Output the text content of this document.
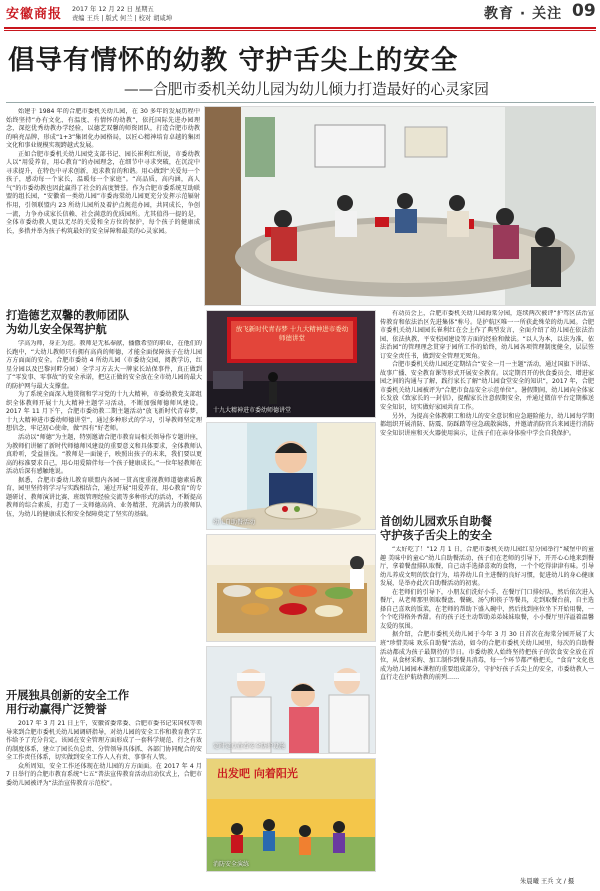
安徽商报	2017 年 12 月 22 日 星期五
责编 王兵 | 版式 何兰 | 校对 胡咸坤	教育 · 关注 09
倡导有情怀的幼教 守护舌尖上的安全
——合肥市委机关幼儿园为幼儿倾力打造最好的心灵家园

始建于 1984 年的合肥市委机关幼儿园，在 30 多年的发展历程中始终坚持“办有文化、有温度、有情怀的幼教”，依托国际先进办园理念，深挖优秀幼教办学经验，以德艺双馨的师资团队，打造合肥市幼教的响亮品牌，形成“1+3”集团化办园格局，以匠心精神培育卓越的集团文化和事业规模实现跨越式发展。

正如合肥市委机关幼儿园党支部书记、园长崔利红所说，市委幼教人以“用爱养育，用心教育”的办园理念，在细节中寻求突破，在沉淀中寻求提升，在特色中寻求创新，追求教育的和谐。用心做到“关爱每一个孩子，感动每一个家长，温暖每一个家庭”。“高品质，高内涵，高人气”的市委幼教也因此赢得了社会的高度赞誉。作为合肥市委系统互助联盟的组长园，“安徽省一类幼儿园”市委海棠幼儿园更充分发挥示范辐射作用，引领联盟内 23 所幼儿园所及着护点规范办园，共同成长，争创一流，力争办成家长信赖、社会满意的优质园所。尤其值得一提的是，全体市委幼教人更以无尽的关爱和全方位的保护，每个孩子的健康成长，多措并举为孩子构筑最好的安全屏障和最美的心灵家园。

打造德艺双馨的教师团队
为幼儿安全保驾护航

学高为师，身正为范。教师是无私奉献，播撒希望的职业，在他们的长跑中，“大幼儿教师只有拥有高尚的师德，才能全面保障孩子在幼儿园方方面面的安全。合肥市委幼 4 所幼儿园（市委幼交园，阅教学访，红星分园以及巴黎河畔分园）全学习方去大一牌家长站保事件，真正做到了“零发事、零事故”的安全承诺，把这正做的安全放在全市幼儿园的最大的防护网与最大支撑盘。

为了系统全面深入地贯彻和学习党的十九大精神，市委幼教党支部组织全体教师开展十九大精神主题学习活动，不断加强师德师风建设。2017 年 11 月下午，合肥市委幼教二期主题活动“放飞新时代青春梦，十九大精神进市委幼师德讲堂”，通过多种形式的学习，引导教师坚定理想信念，牢记初心使命，做“四有”好老师。

活动以“师德”为主题，特别邀请合肥市教育局相关领导作专题讲座，为教师们讲解了新时代师德师风建设的重要意义和具体要求，全体教师认真聆听，受益匪浅。“教师是一面镜子，映照出孩子的未来，我们要以更高的标准要求自己，用心用爱陪伴每一个孩子健康成长。”一位年轻教师在活动后深有感触地说。

据悉，合肥市委幼儿教育联盟内各园一贯高度重视教师道德素质教育，园里坚持将学习与实践相结合，通过开展“用爱养育，用心教育”的专题研讨、教师演讲比赛、班级管理经验交流等多种形式的活动，不断提高教师的综合素质，打造了一支师德高尚、业务精湛、充满活力的教师队伍，为幼儿的健康成长和安全保障奠定了坚实的基础。

开展独具创新的安全工作
用行动赢得广泛赞誉

2017 年 3 月 21 日上午，安徽省委常委、合肥市委书记宋国权等领导来到合肥市委机关幼儿园调研指导，对幼儿园的安全工作和教育教学工作给予了充分肯定。该园在安全管理方面形成了一套科学规范、行之有效的制度体系，建立了园长负总责、分管领导具体抓、各部门协同配合的安全工作责任体系，切实做到安全工作人人有责、事事有人管。

众所周知，安全工作还体现在幼儿园的方方面面。在 2017 年 4 月 7 日举行的合肥市教育系统“七五”普法宣传教育活动启动仪式上，合肥市委幼儿园被评为“法治宣传教育示范校”。

放飞新时代青春梦 十九大精神进市委幼师德讲堂
十九大精神进市委幼师德讲堂
幼儿自助餐活动
定时定点查看安全防护设施
出发吧 向着阳光
消防安全演练

有动员会上，合肥市委机关幼儿园海棠分园，连续两次被评“护驾区法治宣传教育和依法治区先进集体”称号。是护航区唯一一所获此殊荣的幼儿园。合肥市委机关幼儿园园长崔利红在会上作了典型发言，全面介绍了幼儿园在依法治园、依法执教、平安校园建设等方面的经验和做法。“以人为本，以法为准，依法治园”的管理理念贯穿于园所工作的始终，幼儿园各项管理制度健全，层层签订安全责任书，做到安全管理无死角。

合肥市委机关幼儿园还定期结合“安全一月一主题”活动，通过国旗下讲话、故事广播、安全教育课等形式开展安全教育。以定期召开的伙食委员会、增进家园之间的沟通与了解，践行家长了解“幼儿园食堂安全的知识”，2017 年，合肥市委机关幼儿园被评为“合肥市食品安全示范单位”。暑假期间，幼儿园向全体家长发放《致家长的一封信》，提醒家长注意假期安全，并通过微信平台定期推送安全知识，切实做好家园共育工作。

另外，为提高全体教职工和幼儿的安全意识和应急避险能力，幼儿园每学期都组织开展消防、防震、防踩踏等应急疏散演练，并邀请消防官兵来园进行消防安全知识讲座和灭火器使用演示，让孩子们在亲身体验中学会自我保护。

首创幼儿园欢乐自助餐
守护孩子舌尖上的安全

“太好吃了！”12 月 1 日，合肥市委机关幼儿园红星分园举行“城堡中的童趣 美味中的童心”幼儿自助餐活动，孩子们在老师的引导下，开开心心地来到餐厅，拿着餐盘排队取餐，自己动手选择喜欢的食物，一个个吃得津津有味。引导幼儿养成文明的饮食行为，培养幼儿自主进餐的良好习惯，促进幼儿的身心健康发展，是举办此次自助餐活动的初衷。

在老师们的引导下，小朋友们洗好小手，在餐厅门口排好队，然后依次进入餐厅，从老师那里领取餐盘、餐碗、汤勺和筷子等餐具，走到取餐台前，自主选择自己喜欢的饭菜，在老师的帮助下盛入碗中，然后找到座位坐下开始用餐，一个个吃得格外香甜。有的孩子还主动帮助弟弟妹妹取餐，小小餐厅里洋溢着温馨友爱的氛围。

据介绍，合肥市委机关幼儿园于今年 3 月 30 日首次在海棠分园开展了大班“珍惜美味 欢乐自助餐”活动，如今的合肥市委机关幼儿园里，每次的自助餐活动都成为孩子最期待的节日。市委幼教人始终坚持把孩子的饮食安全放在首位，从食材采购、加工制作到餐具消毒，每一个环节都严格把关，“食育”文化也成为幼儿园园本课程的重要组成部分，守护好孩子舌尖上的安全，市委幼教人一直行走在护航幼教的前列……

朱晨曦 王兵 文 / 摄
